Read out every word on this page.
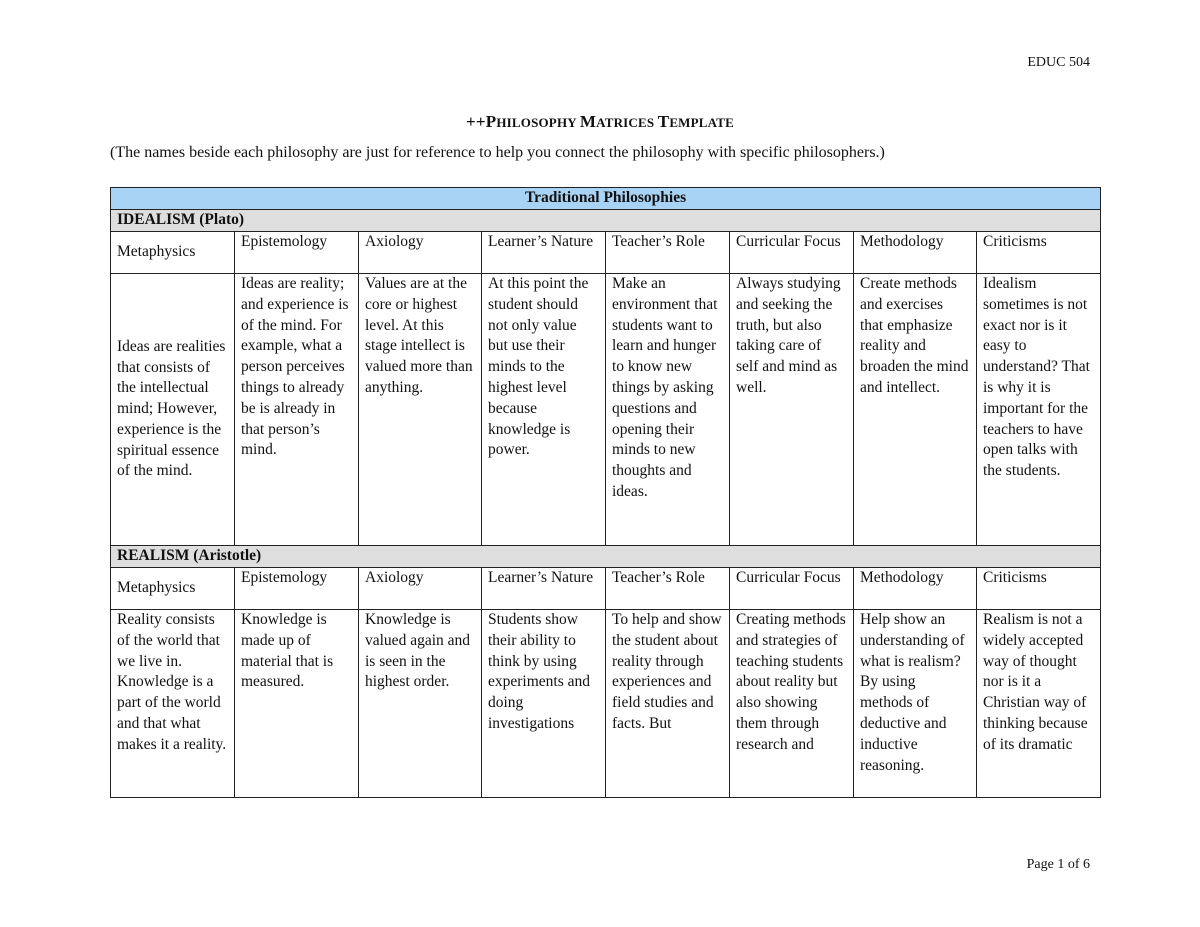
EDUC 504
++PHILOSOPHY MATRICES TEMPLATE
(The names beside each philosophy are just for reference to help you connect the philosophy with specific philosophers.)
Traditional Philosophies							
IDEALISM (Plato)							
Metaphysics	Epistemology	Axiology	Learner’s Nature	Teacher’s Role	Curricular Focus	Methodology	Criticisms
Ideas are realities that consists of the intellectual mind; However, experience is the spiritual essence of the mind.	Ideas are reality; and experience is of the mind. For example, what a person perceives things to already be is already in that person’s mind.	Values are at the core or highest level. At this stage intellect is valued more than anything.	At this point the student should not only value but use their minds to the highest level because knowledge is power.	Make an environment that students want to learn and hunger to know new things by asking questions and opening their minds to new thoughts and ideas.	Always studying and seeking the truth, but also taking care of self and mind as well.	Create methods and exercises that emphasize reality and broaden the mind and intellect.	Idealism sometimes is not exact nor is it easy to understand? That is why it is important for the teachers to have open talks with the students.
REALISM (Aristotle)							
Metaphysics	Epistemology	Axiology	Learner’s Nature	Teacher’s Role	Curricular Focus	Methodology	Criticisms
Reality consists of the world that we live in. Knowledge is a part of the world and that what makes it a reality.	Knowledge is made up of material that is measured.	Knowledge is valued again and is seen in the highest order.	Students show their ability to think by using experiments and doing investigations	To help and show the student about reality through experiences and field studies and facts. But	Creating methods and strategies of teaching students about reality but also showing them through research and	Help show an understanding of what is realism? By using methods of deductive and inductive reasoning.	Realism is not a widely accepted way of thought nor is it a Christian way of thinking because of its dramatic
Page 1 of 6
